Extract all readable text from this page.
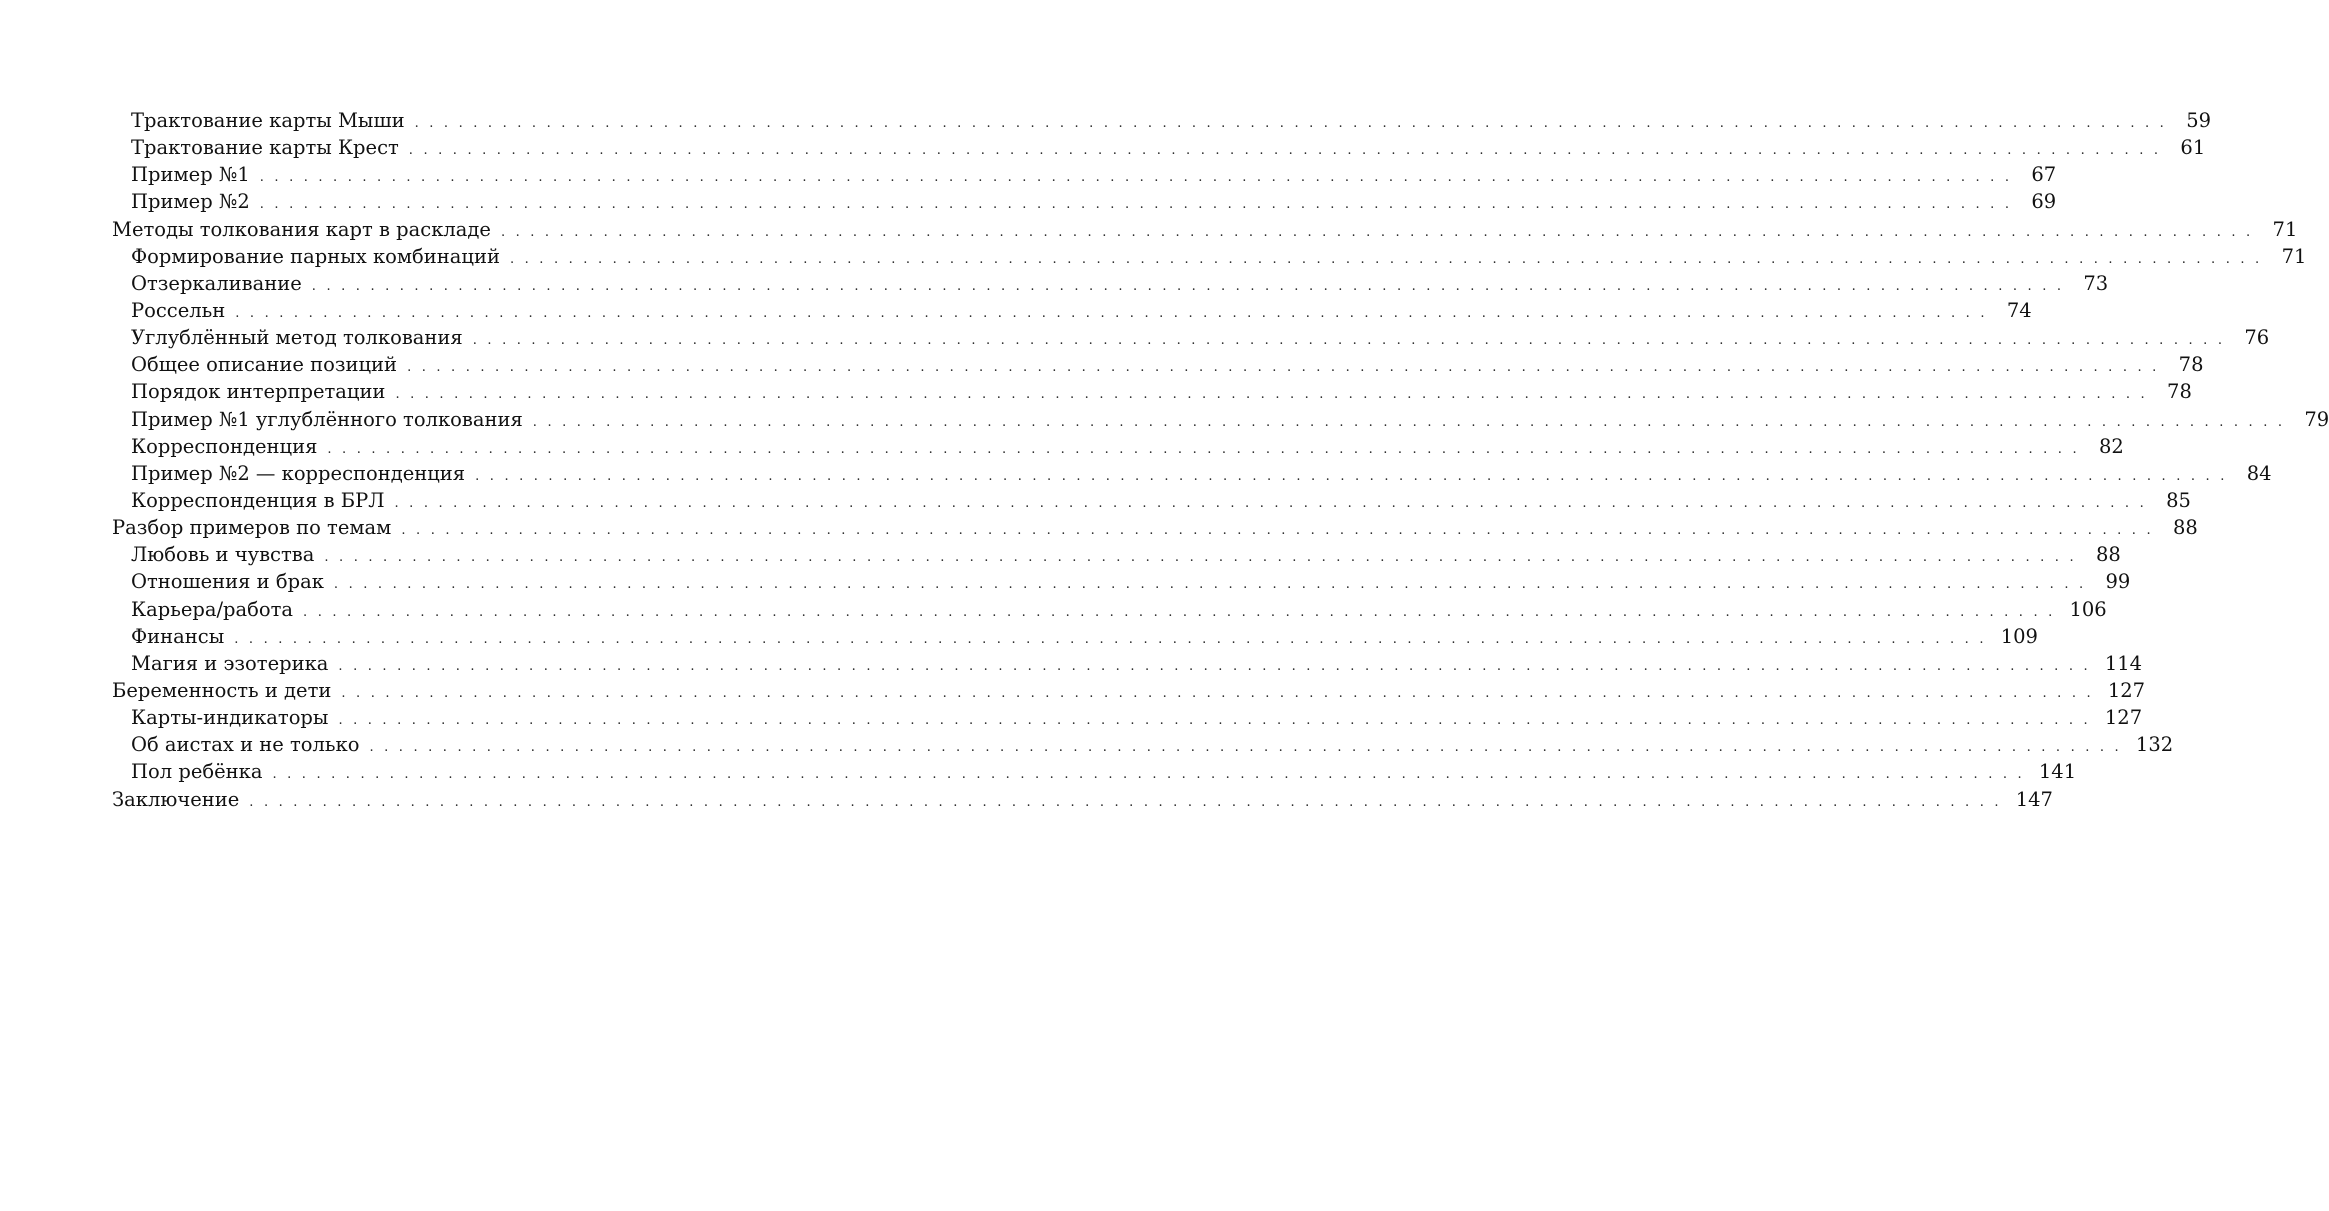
Трактование карты Мыши . . . . . . . . . . . . . . . . . . . . . . . . . . . . . . . . . . . . . . . . . . . . . . . . . . . . . . . . . . . . . . . . . . . . . . . . . . . . . . . . . . . . . . . . . . . . . . . . . . . . . . . . . . . . . . . . . . . . . . . . 59
Трактование карты Крест . . . . . . . . . . . . . . . . . . . . . . . . . . . . . . . . . . . . . . . . . . . . . . . . . . . . . . . . . . . . . . . . . . . . . . . . . . . . . . . . . . . . . . . . . . . . . . . . . . . . . . . . . . . . . . . . . . . . . . . . 61
Пример №1 . . . . . . . . . . . . . . . . . . . . . . . . . . . . . . . . . . . . . . . . . . . . . . . . . . . . . . . . . . . . . . . . . . . . . . . . . . . . . . . . . . . . . . . . . . . . . . . . . . . . . . . . . . . . . . . . . . . . . . . . 67
Пример №2 . . . . . . . . . . . . . . . . . . . . . . . . . . . . . . . . . . . . . . . . . . . . . . . . . . . . . . . . . . . . . . . . . . . . . . . . . . . . . . . . . . . . . . . . . . . . . . . . . . . . . . . . . . . . . . . . . . . . . . . . 69
Методы толкования карт в раскладе . . . . . . . . . . . . . . . . . . . . . . . . . . . . . . . . . . . . . . . . . . . . . . . . . . . . . . . . . . . . . . . . . . . . . . . . . . . . . . . . . . . . . . . . . . . . . . . . . . . . . . . . . . . . . . . . . . . . . . . . 71
Формирование парных комбинаций . . . . . . . . . . . . . . . . . . . . . . . . . . . . . . . . . . . . . . . . . . . . . . . . . . . . . . . . . . . . . . . . . . . . . . . . . . . . . . . . . . . . . . . . . . . . . . . . . . . . . . . . . . . . . . . . . . . . . . . . 71
Отзеркаливание . . . . . . . . . . . . . . . . . . . . . . . . . . . . . . . . . . . . . . . . . . . . . . . . . . . . . . . . . . . . . . . . . . . . . . . . . . . . . . . . . . . . . . . . . . . . . . . . . . . . . . . . . . . . . . . . . . . . . . . . 73
Россельн . . . . . . . . . . . . . . . . . . . . . . . . . . . . . . . . . . . . . . . . . . . . . . . . . . . . . . . . . . . . . . . . . . . . . . . . . . . . . . . . . . . . . . . . . . . . . . . . . . . . . . . . . . . . . . . . . . . . . . . . 74
Углублённый метод толкования . . . . . . . . . . . . . . . . . . . . . . . . . . . . . . . . . . . . . . . . . . . . . . . . . . . . . . . . . . . . . . . . . . . . . . . . . . . . . . . . . . . . . . . . . . . . . . . . . . . . . . . . . . . . . . . . . . . . . . . . 76
Общее описание позиций . . . . . . . . . . . . . . . . . . . . . . . . . . . . . . . . . . . . . . . . . . . . . . . . . . . . . . . . . . . . . . . . . . . . . . . . . . . . . . . . . . . . . . . . . . . . . . . . . . . . . . . . . . . . . . . . . . . . . . . . 78
Порядок интерпретации . . . . . . . . . . . . . . . . . . . . . . . . . . . . . . . . . . . . . . . . . . . . . . . . . . . . . . . . . . . . . . . . . . . . . . . . . . . . . . . . . . . . . . . . . . . . . . . . . . . . . . . . . . . . . . . . . . . . . . . . 78
Пример №1 углублённого толкования . . . . . . . . . . . . . . . . . . . . . . . . . . . . . . . . . . . . . . . . . . . . . . . . . . . . . . . . . . . . . . . . . . . . . . . . . . . . . . . . . . . . . . . . . . . . . . . . . . . . . . . . . . . . . . . . . . . . . . . . 79
Корреспонденция . . . . . . . . . . . . . . . . . . . . . . . . . . . . . . . . . . . . . . . . . . . . . . . . . . . . . . . . . . . . . . . . . . . . . . . . . . . . . . . . . . . . . . . . . . . . . . . . . . . . . . . . . . . . . . . . . . . . . . . . 82
Пример №2 — корреспонденция . . . . . . . . . . . . . . . . . . . . . . . . . . . . . . . . . . . . . . . . . . . . . . . . . . . . . . . . . . . . . . . . . . . . . . . . . . . . . . . . . . . . . . . . . . . . . . . . . . . . . . . . . . . . . . . . . . . . . . . . 84
Корреспонденция в БРЛ . . . . . . . . . . . . . . . . . . . . . . . . . . . . . . . . . . . . . . . . . . . . . . . . . . . . . . . . . . . . . . . . . . . . . . . . . . . . . . . . . . . . . . . . . . . . . . . . . . . . . . . . . . . . . . . . . . . . . . . . 85
Разбор примеров по темам . . . . . . . . . . . . . . . . . . . . . . . . . . . . . . . . . . . . . . . . . . . . . . . . . . . . . . . . . . . . . . . . . . . . . . . . . . . . . . . . . . . . . . . . . . . . . . . . . . . . . . . . . . . . . . . . . . . . . . . . 88
Любовь и чувства . . . . . . . . . . . . . . . . . . . . . . . . . . . . . . . . . . . . . . . . . . . . . . . . . . . . . . . . . . . . . . . . . . . . . . . . . . . . . . . . . . . . . . . . . . . . . . . . . . . . . . . . . . . . . . . . . . . . . . . . 88
Отношения и брак . . . . . . . . . . . . . . . . . . . . . . . . . . . . . . . . . . . . . . . . . . . . . . . . . . . . . . . . . . . . . . . . . . . . . . . . . . . . . . . . . . . . . . . . . . . . . . . . . . . . . . . . . . . . . . . . . . . . . . . . 99
Карьера/работа . . . . . . . . . . . . . . . . . . . . . . . . . . . . . . . . . . . . . . . . . . . . . . . . . . . . . . . . . . . . . . . . . . . . . . . . . . . . . . . . . . . . . . . . . . . . . . . . . . . . . . . . . . . . . . . . . . . . . . . . 106
Финансы . . . . . . . . . . . . . . . . . . . . . . . . . . . . . . . . . . . . . . . . . . . . . . . . . . . . . . . . . . . . . . . . . . . . . . . . . . . . . . . . . . . . . . . . . . . . . . . . . . . . . . . . . . . . . . . . . . . . . . . . 109
Магия и эзотерика . . . . . . . . . . . . . . . . . . . . . . . . . . . . . . . . . . . . . . . . . . . . . . . . . . . . . . . . . . . . . . . . . . . . . . . . . . . . . . . . . . . . . . . . . . . . . . . . . . . . . . . . . . . . . . . . . . . . . . . . 114
Беременность и дети . . . . . . . . . . . . . . . . . . . . . . . . . . . . . . . . . . . . . . . . . . . . . . . . . . . . . . . . . . . . . . . . . . . . . . . . . . . . . . . . . . . . . . . . . . . . . . . . . . . . . . . . . . . . . . . . . . . . . . . . 127
Карты-индикаторы . . . . . . . . . . . . . . . . . . . . . . . . . . . . . . . . . . . . . . . . . . . . . . . . . . . . . . . . . . . . . . . . . . . . . . . . . . . . . . . . . . . . . . . . . . . . . . . . . . . . . . . . . . . . . . . . . . . . . . . . 127
Об аистах и не только . . . . . . . . . . . . . . . . . . . . . . . . . . . . . . . . . . . . . . . . . . . . . . . . . . . . . . . . . . . . . . . . . . . . . . . . . . . . . . . . . . . . . . . . . . . . . . . . . . . . . . . . . . . . . . . . . . . . . . . . 132
Пол ребёнка . . . . . . . . . . . . . . . . . . . . . . . . . . . . . . . . . . . . . . . . . . . . . . . . . . . . . . . . . . . . . . . . . . . . . . . . . . . . . . . . . . . . . . . . . . . . . . . . . . . . . . . . . . . . . . . . . . . . . . . . 141
Заключение . . . . . . . . . . . . . . . . . . . . . . . . . . . . . . . . . . . . . . . . . . . . . . . . . . . . . . . . . . . . . . . . . . . . . . . . . . . . . . . . . . . . . . . . . . . . . . . . . . . . . . . . . . . . . . . . . . . . . . . . 147
